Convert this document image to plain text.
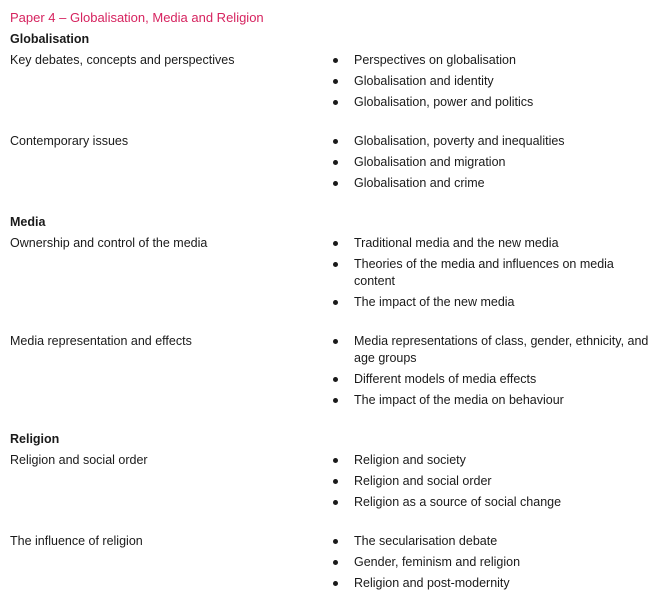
Paper 4 – Globalisation, Media and Religion
Globalisation
Key debates, concepts and perspectives	Perspectives on globalisation
Globalisation and identity
Globalisation, power and politics
Contemporary issues	Globalisation, poverty and inequalities
Globalisation and migration
Globalisation and crime
Media
Ownership and control of the media	Traditional media and the new media
Theories of the media and influences on media content
The impact of the new media
Media representation and effects	Media representations of class, gender, ethnicity, and age groups
Different models of media effects
The impact of the media on behaviour
Religion
Religion and social order	Religion and society
Religion and social order
Religion as a source of social change
The influence of religion	The secularisation debate
Gender, feminism and religion
Religion and post-modernity
